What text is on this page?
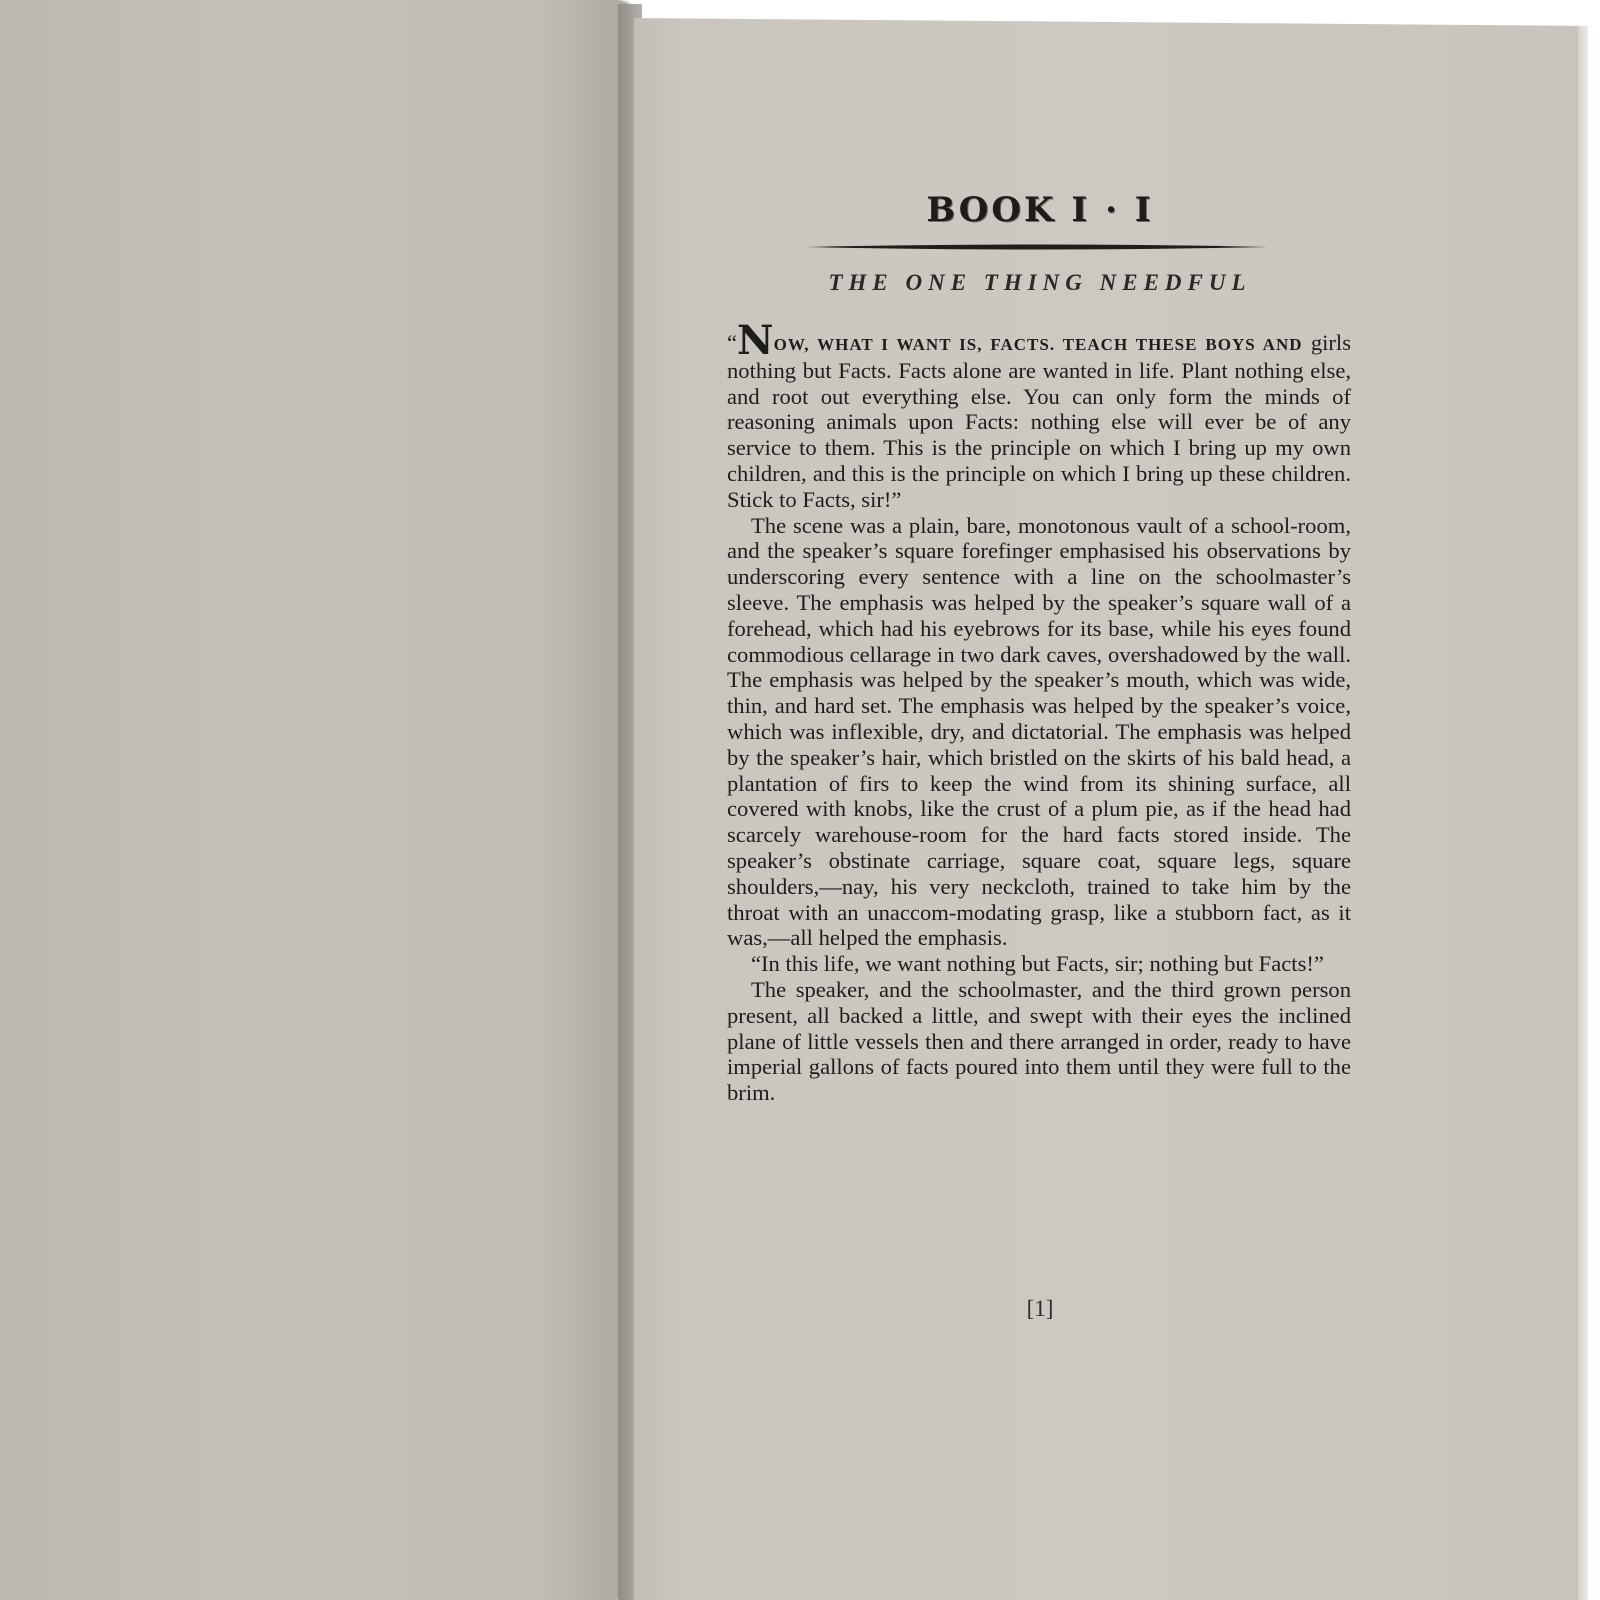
BOOK I · I
THE ONE THING NEEDFUL

“NOW, WHAT I WANT IS, FACTS. TEACH THESE BOYS AND girls nothing but Facts. Facts alone are wanted in life. Plant nothing else, and root out everything else. You can only form the minds of reasoning animals upon Facts: nothing else will ever be of any service to them. This is the principle on which I bring up my own children, and this is the principle on which I bring up these children. Stick to Facts, sir!”

The scene was a plain, bare, monotonous vault of a school-room, and the speaker’s square forefinger emphasised his observations by underscoring every sentence with a line on the schoolmaster’s sleeve. The emphasis was helped by the speaker’s square wall of a forehead, which had his eyebrows for its base, while his eyes found commodious cellarage in two dark caves, overshadowed by the wall. The emphasis was helped by the speaker’s mouth, which was wide, thin, and hard set. The emphasis was helped by the speaker’s voice, which was inflexible, dry, and dictatorial. The emphasis was helped by the speaker’s hair, which bristled on the skirts of his bald head, a plantation of firs to keep the wind from its shining surface, all covered with knobs, like the crust of a plum pie, as if the head had scarcely warehouse-room for the hard facts stored inside. The speaker’s obstinate carriage, square coat, square legs, square shoulders,—nay, his very neckcloth, trained to take him by the throat with an unaccom-modating grasp, like a stubborn fact, as it was,—all helped the emphasis.

“In this life, we want nothing but Facts, sir; nothing but Facts!”

The speaker, and the schoolmaster, and the third grown person present, all backed a little, and swept with their eyes the inclined plane of little vessels then and there arranged in order, ready to have imperial gallons of facts poured into them until they were full to the brim.

[1]
